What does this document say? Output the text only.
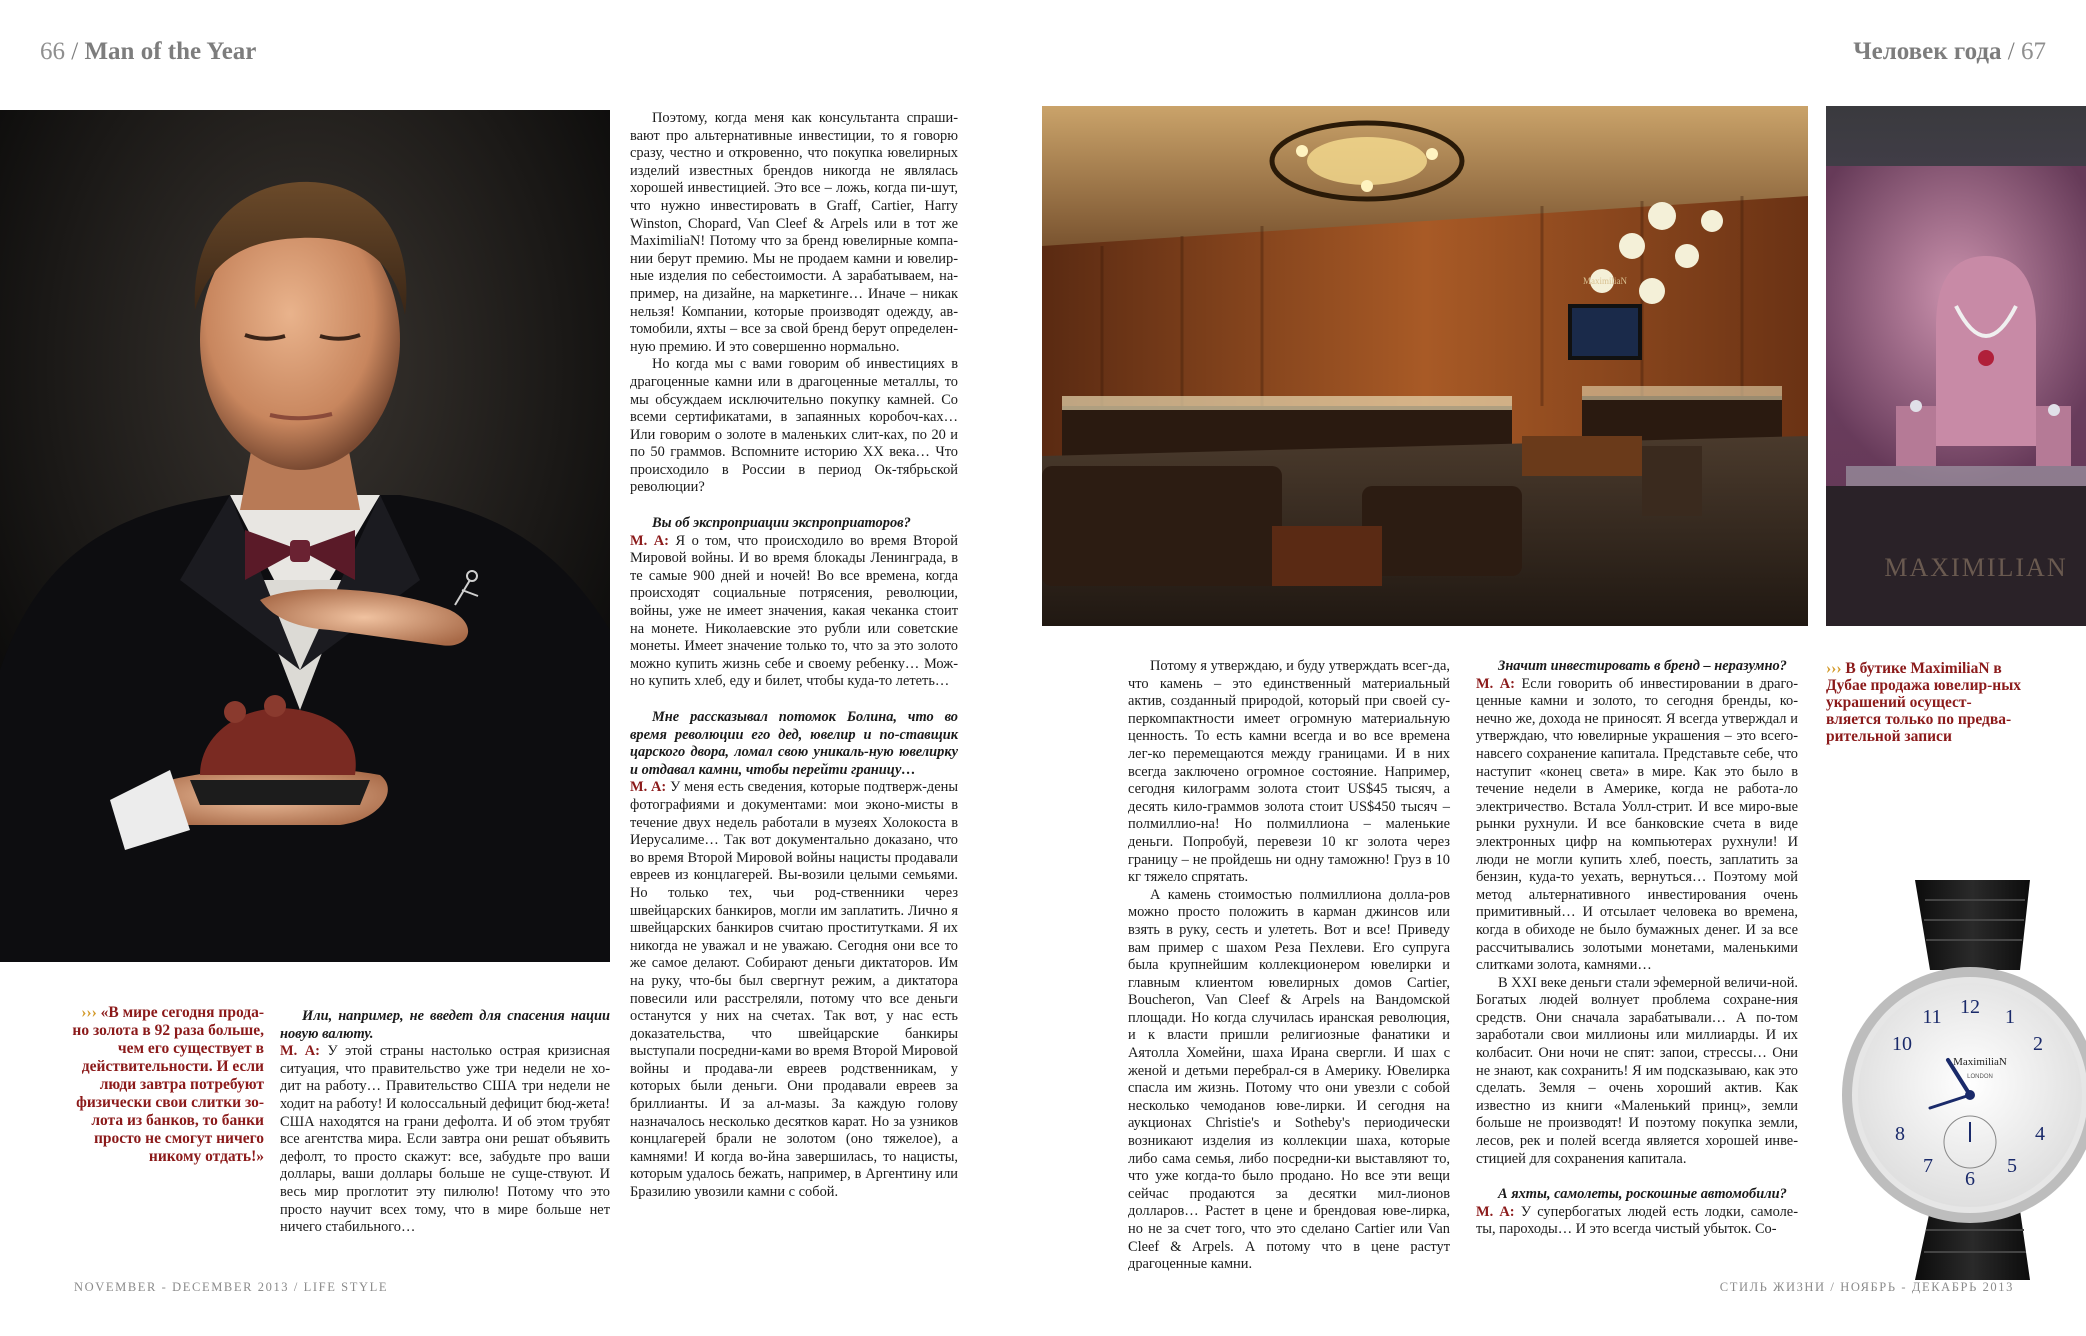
66 / Man of the Year	Человек года / 67
››› «В мире сегодня прода-но золота в 92 раза больше, чем его существует в действительности. И если люди завтра потребуют физически свои слитки зо-лота из банков, то банки просто не смогут ничего никому отдать!»

Или, например, не введет для спасения нации новую валюту.

М. А: У этой страны настолько острая кризисная ситуация, что правительство уже три недели не хо-дит на работу… Правительство США три недели не ходит на работу! И колоссальный дефицит бюд-жета! США находятся на грани дефолта. И об этом трубят все агентства мира. Если завтра они решат объявить дефолт, то просто скажут: все, забудьте про ваши доллары, ваши доллары больше не суще-ствуют. И весь мир проглотит эту пилюлю! Потому что это просто научит всех тому, что в мире больше нет ничего стабильного…

Поэтому, когда меня как консультанта спраши-вают про альтернативные инвестиции, то я говорю сразу, честно и откровенно, что покупка ювелирных изделий известных брендов никогда не являлась хорошей инвестицией. Это все – ложь, когда пи-шут, что нужно инвестировать в Graff, Cartier, Harry Winston, Chopard, Van Cleef & Arpels или в тот же MaximiliaN! Потому что за бренд ювелирные компа-нии берут премию. Мы не продаем камни и ювелир-ные изделия по себестоимости. А зарабатываем, на-пример, на дизайне, на маркетинге… Иначе – никак нельзя! Компании, которые производят одежду, ав-томобили, яхты – все за свой бренд берут определен-ную премию. И это совершенно нормально.

Но когда мы с вами говорим об инвестициях в драгоценные камни или в драгоценные металлы, то мы обсуждаем исключительно покупку камней. Со всеми сертификатами, в запаянных коробоч-ках… Или говорим о золоте в маленьких слит-ках, по 20 и по 50 граммов. Вспомните историю XX века… Что происходило в России в период Ок-тябрьской революции?

Вы об экспроприации экспроприаторов?

М. А: Я о том, что происходило во время Второй Мировой войны. И во время блокады Ленинграда, в те самые 900 дней и ночей! Во все времена, когда происходят социальные потрясения, революции, войны, уже не имеет значения, какая чеканка стоит на монете. Николаевские это рубли или советские монеты. Имеет значение только то, что за это золото можно купить жизнь себе и своему ребенку… Мож-но купить хлеб, еду и билет, чтобы куда-то лететь…

Мне рассказывал потомок Болина, что во время революции его дед, ювелир и по-ставщик царского двора, ломал свою уникаль-ную ювелирку и отдавал камни, чтобы перейти границу…

М. А: У меня есть сведения, которые подтверж-дены фотографиями и документами: мои эконо-мисты в течение двух недель работали в музеях Холокоста в Иерусалиме… Так вот документально доказано, что во время Второй Мировой войны нацисты продавали евреев из концлагерей. Вы-возили целыми семьями. Но только тех, чьи род-ственники через швейцарских банкиров, могли им заплатить. Лично я швейцарских банкиров считаю проститутками. Я их никогда не уважал и не уважаю. Сегодня они все то же самое делают. Собирают деньги диктаторов. Им на руку, что-бы был свергнут режим, а диктатора повесили или расстреляли, потому что все деньги останутся у них на счетах. Так вот, у нас есть доказательства, что швейцарские банкиры выступали посредни-ками во время Второй Мировой войны и продава-ли евреев родственникам, у которых были деньги. Они продавали евреев за бриллианты. И за ал-мазы. За каждую голову назначалось несколько десятков карат. Но за узников концлагерей брали не золотом (оно тяжелое), а камнями! И когда во-йна завершилась, то нацисты, которым удалось бежать, например, в Аргентину или Бразилию увозили камни с собой.

MaximiliaN
MAXIMILIAN

Потому я утверждаю, и буду утверждать всег-да, что камень – это единственный материальный актив, созданный природой, который при своей су-перкомпактности имеет огромную материальную ценность. То есть камни всегда и во все времена лег-ко перемещаются между границами. И в них всегда заключено огромное состояние. Например, сегодня килограмм золота стоит US$45 тысяч, а десять кило-граммов золота стоит US$450 тысяч – полмиллио-на! Но полмиллиона – маленькие деньги. Попробуй, перевези 10 кг золота через границу – не пройдешь ни одну таможню! Груз в 10 кг тяжело спрятать.

А камень стоимостью полмиллиона долла-ров можно просто положить в карман джинсов или взять в руку, сесть и улететь. Вот и все! Приведу вам пример с шахом Реза Пехлеви. Его супруга была крупнейшим коллекционером ювелирки и главным клиентом ювелирных домов Cartier, Boucheron, Van Cleef & Arpels на Вандомской площади. Но когда случилась иранская революция, и к власти пришли религиозные фанатики и Аятолла Хомейни, шаха Ирана свергли. И шах с женой и детьми перебрал-ся в Америку. Ювелирка спасла им жизнь. Потому что они увезли с собой несколько чемоданов юве-лирки. И сегодня на аукционах Christie's и Sotheby's периодически возникают изделия из коллекции шаха, которые либо сама семья, либо посредни-ки выставляют то, что уже когда-то было продано. Но все эти вещи сейчас продаются за десятки мил-лионов долларов… Растет в цене и брендовая юве-лирка, но не за счет того, что это сделано Cartier или Van Cleef & Arpels. А потому что в цене растут драгоценные камни.

Значит инвестировать в бренд – неразумно?

М. А: Если говорить об инвестировании в драго-ценные камни и золото, то сегодня бренды, ко-нечно же, дохода не приносят. Я всегда утверждал и утверждаю, что ювелирные украшения – это всего-навсего сохранение капитала. Представьте себе, что наступит «конец света» в мире. Как это было в течение недели в Америке, когда не работа-ло электричество. Встала Уолл-стрит. И все миро-вые рынки рухнули. И все банковские счета в виде электронных цифр на компьютерах рухнули! И люди не могли купить хлеб, поесть, заплатить за бензин, куда-то уехать, вернуться… Поэтому мой метод альтернативного инвестирования очень примитивный… И отсылает человека во времена, когда в обиходе не было бумажных денег. И за все рассчитывались золотыми монетами, маленькими слитками золота, камнями…

В XXI веке деньги стали эфемерной величи-ной. Богатых людей волнует проблема сохране-ния средств. Они сначала зарабатывали… А по-том заработали свои миллионы или миллиарды. И их колбасит. Они ночи не спят: запои, стрессы… Они не знают, как сохранить! Я им подсказываю, как это сделать. Земля – очень хороший актив. Как известно из книги «Маленький принц», земли больше не производят! И поэтому покупка земли, лесов, рек и полей всегда является хорошей инве-стицией для сохранения капитала.

А яхты, самолеты, роскошные автомобили?

М. А: У супербогатых людей есть лодки, самоле-ты, пароходы… И это всегда чистый убыток. Со-

››› В бутике MaximiliaN в Дубае продажа ювелир-ных украшений осущест-вляется только по предва-рительной записи
11 12 1
2
10
8
7
6
5
4
MaximiliaN
LONDON
NOVEMBER - DECEMBER 2013 / LIFE STYLE	СТИЛЬ ЖИЗНИ / НОЯБРЬ - ДЕКАБРЬ 2013
